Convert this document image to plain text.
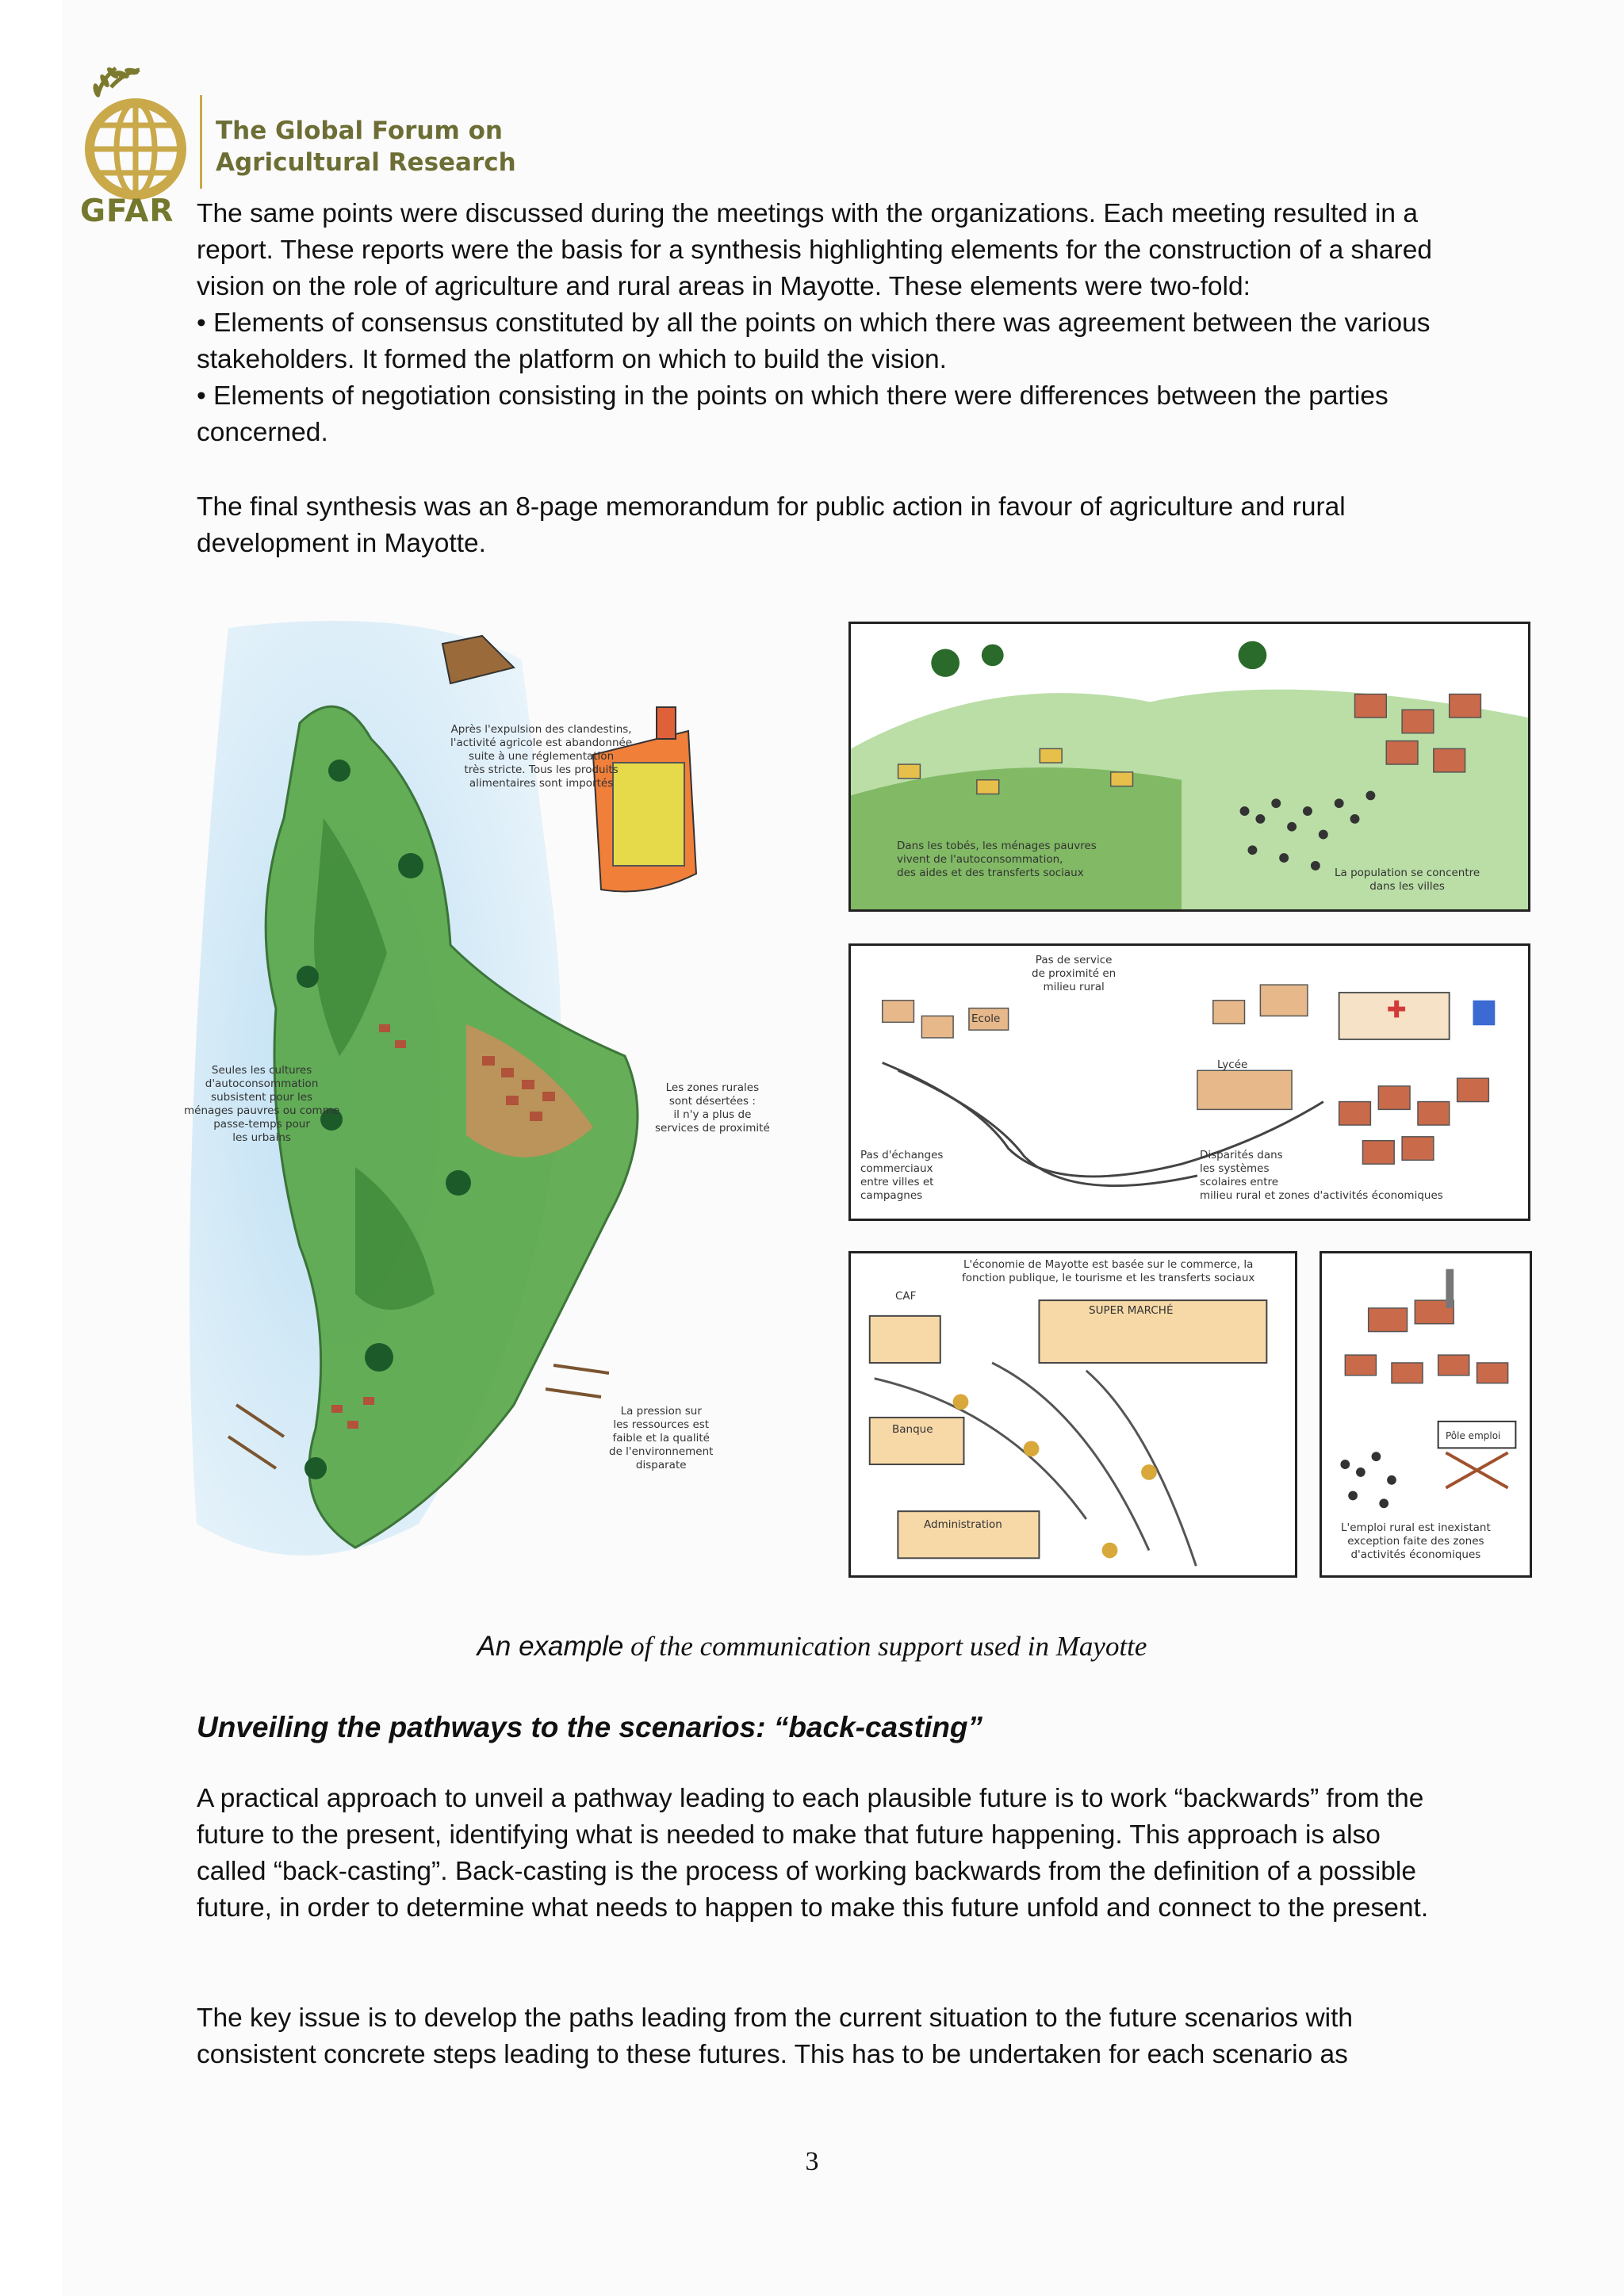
The Global Forum on
Agricultural Research
GFAR The same points were discussed during the meetings with the organizations. Each meeting resulted in a report. These reports were the basis for a synthesis highlighting elements for the construction of a shared vision on the role of agriculture and rural areas in Mayotte. These elements were two-fold:

• Elements of consensus constituted by all the points on which there was agreement between the various stakeholders. It formed the platform on which to build the vision.

• Elements of negotiation consisting in the points on which there were differences between the parties concerned.

The final synthesis was an 8-page memorandum for public action in favour of agriculture and rural development in Mayotte.
Après l'expulsion des clandestins,
l'activité agricole est abandonnée
suite à une réglementation
très stricte. Tous les produits
alimentaires sont importés
Seules les cultures
d'autoconsommation
subsistent pour les
ménages pauvres ou comme
passe-temps pour
les urbains
Les zones rurales
sont désertées :
il n'y a plus de
services de proximité
La pression sur
les ressources est
faible et la qualité
de l'environnement
disparate
Dans les tobés, les ménages pauvres
vivent de l'autoconsommation,
des aides et des transferts sociaux	La population se concentre
dans les villes
Pas de service
de proximité en
milieu rural
Pas d'échanges
commerciaux
entre villes et
campagnes
Disparités dans
les systèmes
scolaires entre
milieu rural et zones d'activités économiques
Ecole
Lycée
L'économie de Mayotte est basée sur le commerce, la
fonction publique, le tourisme et les transferts sociaux
CAF
SUPER MARCHÉ
Banque
Administration
Pôle emploi
L'emploi rural est inexistant
exception faite des zones
d'activités économiques
An example of the communication support used in Mayotte
Unveiling the pathways to the scenarios: “back-casting”
A practical approach to unveil a pathway leading to each plausible future is to work “backwards” from the future to the present, identifying what is needed to make that future happening. This approach is also called “back-casting”. Back-casting is the process of working backwards from the definition of a possible future, in order to determine what needs to happen to make this future unfold and connect to the present.
The key issue is to develop the paths leading from the current situation to the future scenarios with consistent concrete steps leading to these futures. This has to be undertaken for each scenario as
3
